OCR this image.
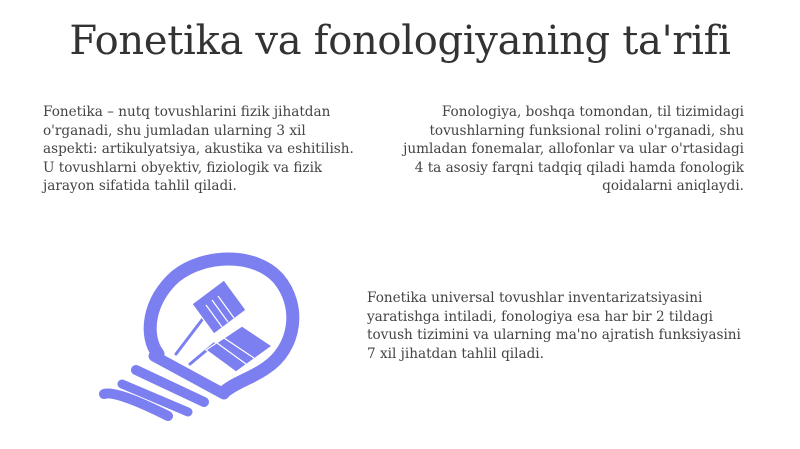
Fonetika va fonologiyaning ta'rifi

Fonetika – nutq tovushlarini fizik jihatdan o'rganadi, shu jumladan ularning 3 xil aspekti: artikulyatsiya, akustika va eshitilish. U tovushlarni obyektiv, fiziologik va fizik jarayon sifatida tahlil qiladi.

Fonologiya, boshqa tomondan, til tizimidagi tovushlarning funksional rolini o'rganadi, shu jumladan fonemalar, allofonlar va ular o'rtasidagi 4 ta asosiy farqni tadqiq qiladi hamda fonologik qoidalarni aniqlaydi.

Fonetika universal tovushlar inventarizatsiyasini yaratishga intiladi, fonologiya esa har bir 2 tildagi tovush tizimini va ularning ma'no ajratish funksiyasini 7 xil jihatdan tahlil qiladi.
